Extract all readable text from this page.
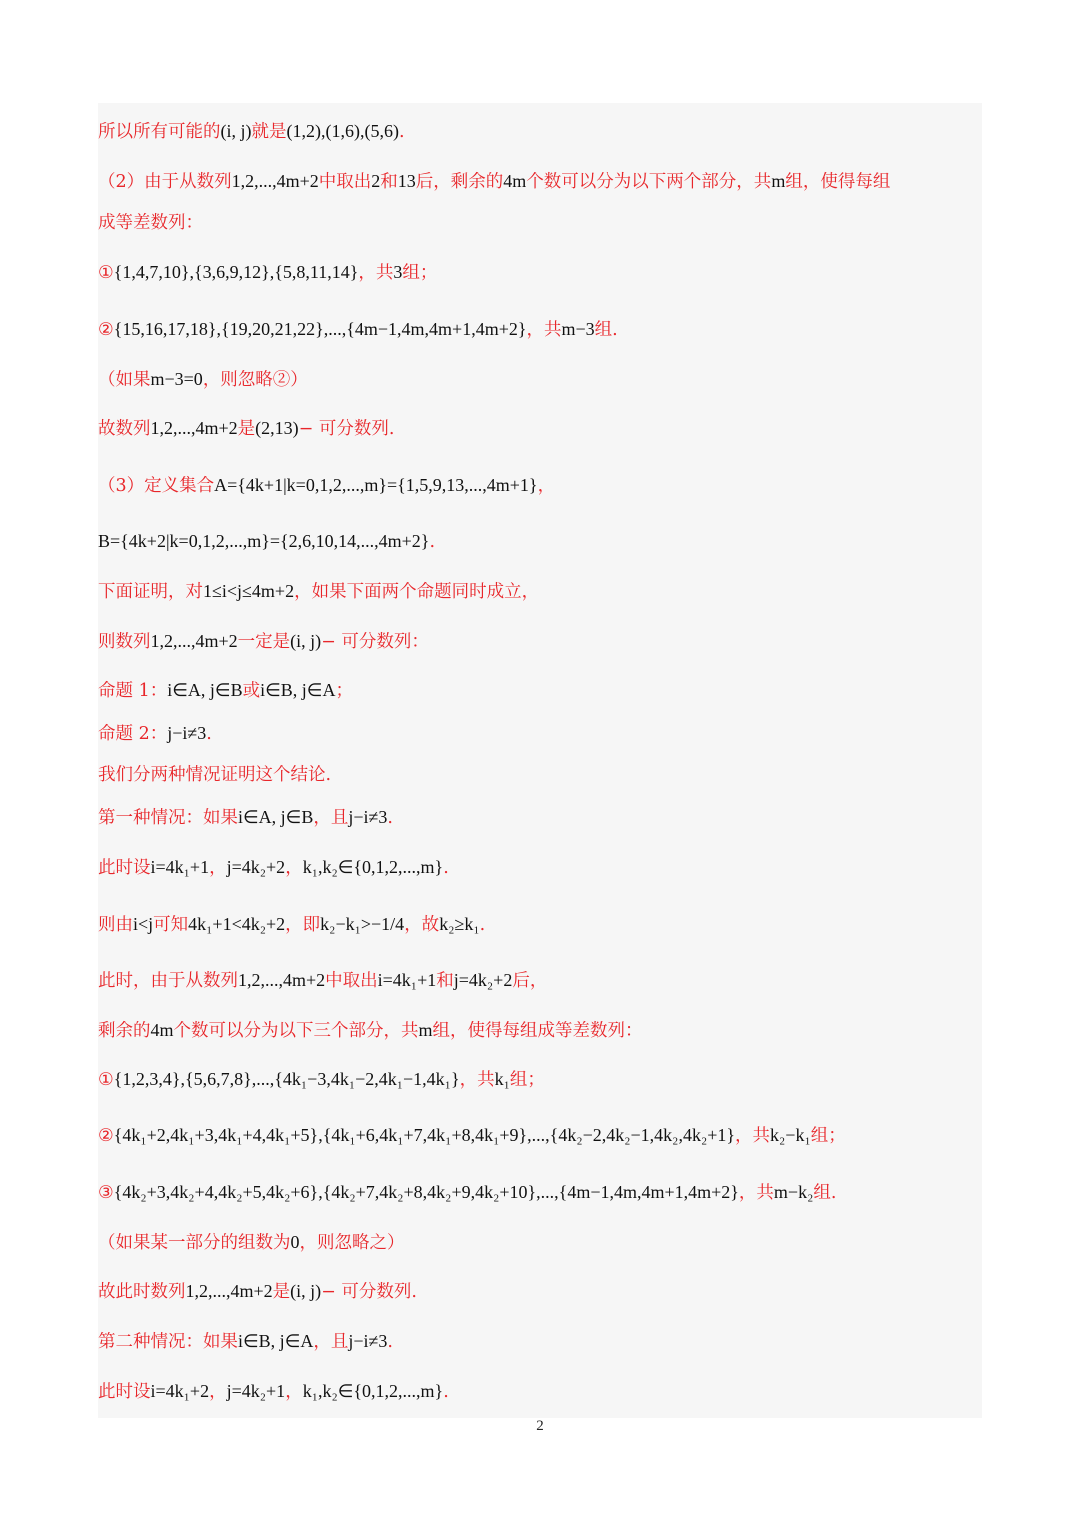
所以所有可能的(i, j)就是(1,2),(1,6),(5,6).
（2）由于从数列1,2,...,4m+2中取出2和13后，剩余的4m个数可以分为以下两个部分，共m组，使得每组
成等差数列：
①{1,4,7,10},{3,6,9,12},{5,8,11,14}，共3组；
②{15,16,17,18},{19,20,21,22},...,{4m−1,4m,4m+1,4m+2}，共m−3组.
（如果m−3=0，则忽略②）
故数列1,2,...,4m+2是(2,13)− 可分数列.
（3）定义集合A={4k+1|k=0,1,2,...,m}={1,5,9,13,...,4m+1}，
B={4k+2|k=0,1,2,...,m}={2,6,10,14,...,4m+2}.
下面证明，对1≤i<j≤4m+2，如果下面两个命题同时成立，
则数列1,2,...,4m+2一定是(i, j)− 可分数列：
命题 1：i∈A, j∈B或i∈B, j∈A；
命题 2：j−i≠3.
我们分两种情况证明这个结论.
第一种情况：如果i∈A, j∈B，且j−i≠3.
此时设i=4k₁+1，j=4k₂+2，k₁,k₂∈{0,1,2,...,m}.
则由i<j可知4k₁+1<4k₂+2，即k₂−k₁>−1/4，故k₂≥k₁.
此时，由于从数列1,2,...,4m+2中取出i=4k₁+1和j=4k₂+2后，
剩余的4m个数可以分为以下三个部分，共m组，使得每组成等差数列：
①{1,2,3,4},{5,6,7,8},...,{4k₁−3,4k₁−2,4k₁−1,4k₁}，共k₁组；
②{4k₁+2,4k₁+3,4k₁+4,4k₁+5},{4k₁+6,4k₁+7,4k₁+8,4k₁+9},...,{4k₂−2,4k₂−1,4k₂,4k₂+1}，共k₂−k₁组；
③{4k₂+3,4k₂+4,4k₂+5,4k₂+6},{4k₂+7,4k₂+8,4k₂+9,4k₂+10},...,{4m−1,4m,4m+1,4m+2}，共m−k₂组.
（如果某一部分的组数为0，则忽略之）
故此时数列1,2,...,4m+2是(i, j)− 可分数列.
第二种情况：如果i∈B, j∈A，且j−i≠3.
此时设i=4k₁+2，j=4k₂+1，k₁,k₂∈{0,1,2,...,m}.
2
